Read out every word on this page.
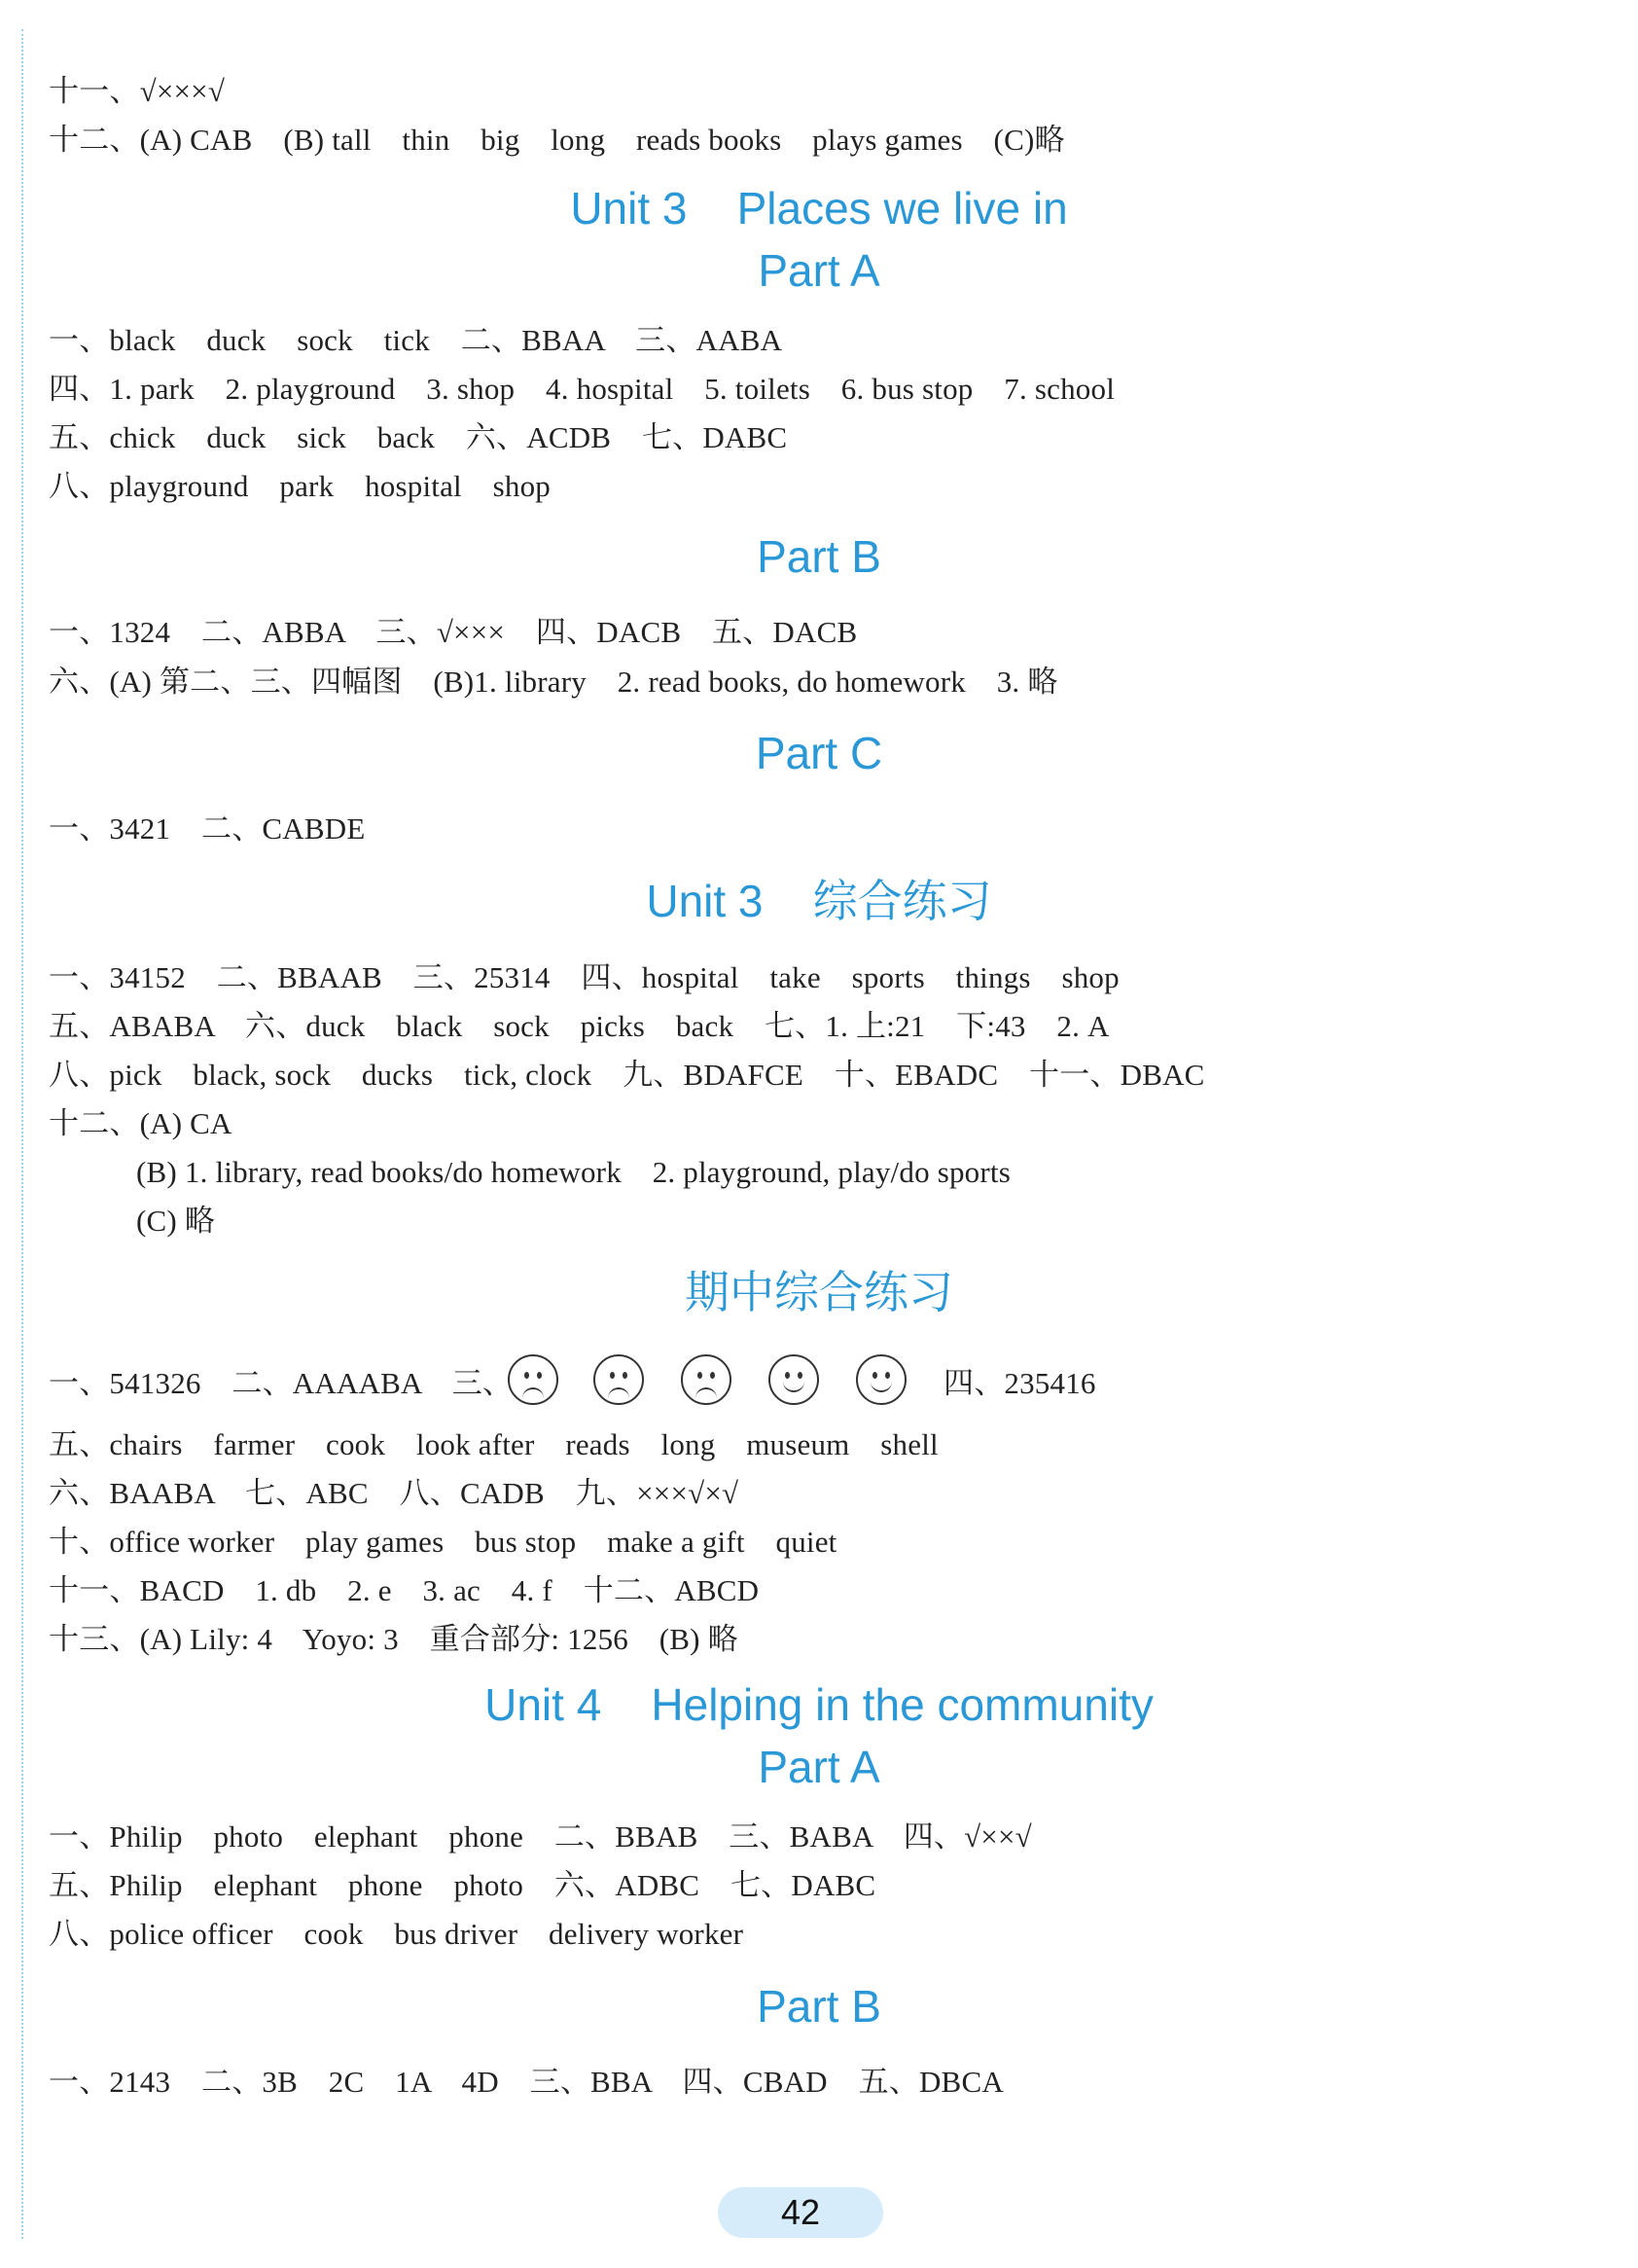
十一、√×××√
十二、(A) CAB    (B) tall    thin    big    long    reads books    plays games    (C)略
Unit 3    Places we live in
Part A
一、black    duck    sock    tick    二、BBAA    三、AABA
四、1. park    2. playground    3. shop    4. hospital    5. toilets    6. bus stop    7. school
五、chick    duck    sick    back    六、ACDB    七、DABC
八、playground    park    hospital    shop
Part B
一、1324    二、ABBA    三、√×××    四、DACB    五、DACB
六、(A) 第二、三、四幅图    (B)1. library    2. read books, do homework    3. 略
Part C
一、3421    二、CABDE
Unit 3    综合练习
一、34152    二、BBAAB    三、25314    四、hospital    take    sports    things    shop
五、ABABA    六、duck    black    sock    picks    back    七、1. 上:21    下:43    2. A
八、pick    black, sock    ducks    tick, clock    九、BDAFCE    十、EBADC    十一、DBAC
十二、(A) CA
(B) 1. library, read books/do homework    2. playground, play/do sports
(C) 略
期中综合练习
一、541326    二、AAAABA    三、	四、235416
五、chairs    farmer    cook    look after    reads    long    museum    shell
六、BAABA    七、ABC    八、CADB    九、×××√×√
十、office worker    play games    bus stop    make a gift    quiet
十一、BACD    1. db    2. e    3. ac    4. f    十二、ABCD
十三、(A) Lily: 4    Yoyo: 3    重合部分: 1256    (B) 略
Unit 4    Helping in the community
Part A
一、Philip    photo    elephant    phone    二、BBAB    三、BABA    四、√××√
五、Philip    elephant    phone    photo    六、ADBC    七、DABC
八、police officer    cook    bus driver    delivery worker
Part B
一、2143    二、3B    2C    1A    4D    三、BBA    四、CBAD    五、DBCA
42
